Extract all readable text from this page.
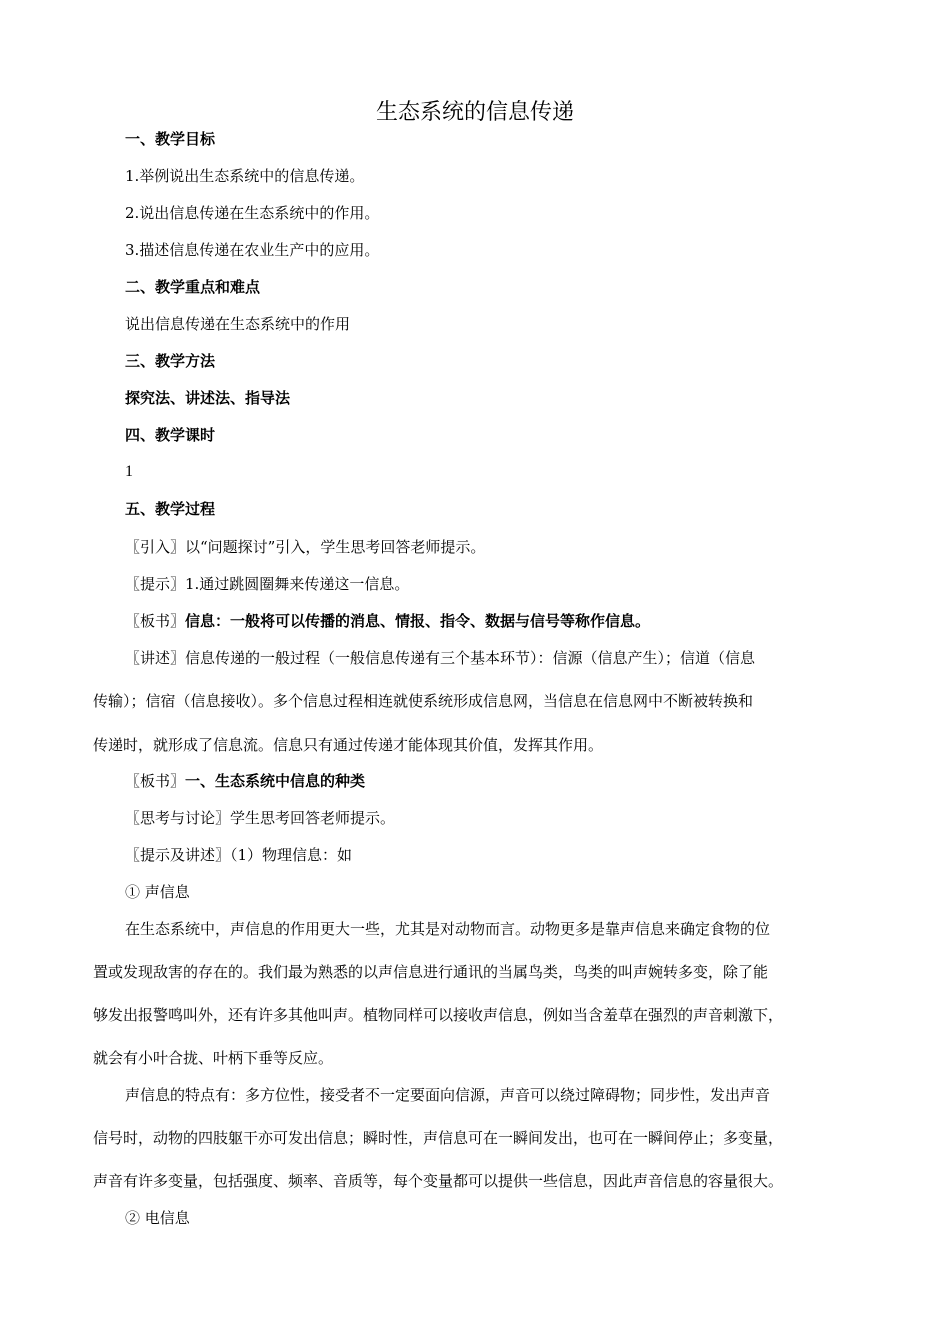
生态系统的信息传递
一、教学目标
1.举例说出生态系统中的信息传递。
2.说出信息传递在生态系统中的作用。
3.描述信息传递在农业生产中的应用。
二、教学重点和难点
说出信息传递在生态系统中的作用
三、教学方法
探究法、讲述法、指导法
四、教学课时
1
五、教学过程
〖引入〗以“问题探讨”引入，学生思考回答老师提示。
〖提示〗1.通过跳圆圈舞来传递这一信息。
〖板书〗信息：一般将可以传播的消息、情报、指令、数据与信号等称作信息。
〖讲述〗信息传递的一般过程（一般信息传递有三个基本环节）：信源（信息产生）；信道（信息
传输）；信宿（信息接收）。多个信息过程相连就使系统形成信息网，当信息在信息网中不断被转换和
传递时，就形成了信息流。信息只有通过传递才能体现其价值，发挥其作用。
〖板书〗一、生态系统中信息的种类
〖思考与讨论〗学生思考回答老师提示。
〖提示及讲述〗（1）物理信息：如
① 声信息
在生态系统中，声信息的作用更大一些，尤其是对动物而言。动物更多是靠声信息来确定食物的位
置或发现敌害的存在的。我们最为熟悉的以声信息进行通讯的当属鸟类，鸟类的叫声婉转多变，除了能
够发出报警鸣叫外，还有许多其他叫声。植物同样可以接收声信息，例如当含羞草在强烈的声音刺激下，
就会有小叶合拢、叶柄下垂等反应。
声信息的特点有：多方位性，接受者不一定要面向信源，声音可以绕过障碍物；同步性，发出声音
信号时，动物的四肢躯干亦可发出信息；瞬时性，声信息可在一瞬间发出，也可在一瞬间停止；多变量，
声音有许多变量，包括强度、频率、音质等，每个变量都可以提供一些信息，因此声音信息的容量很大。
② 电信息
